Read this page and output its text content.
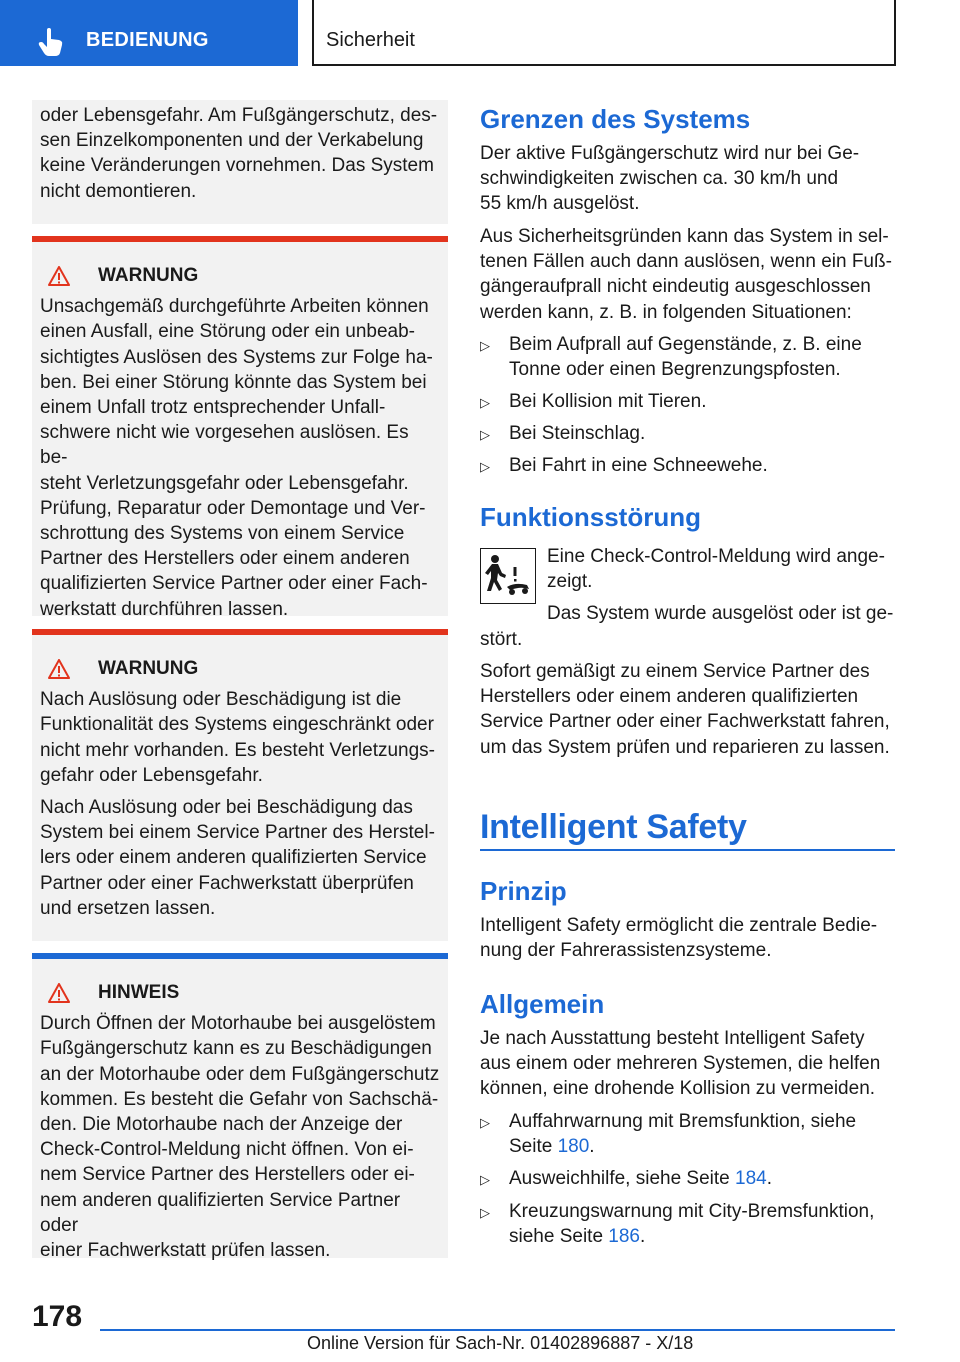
BEDIENUNG	Sicherheit

oder Lebensgefahr. Am Fußgängerschutz, des-

sen Einzelkomponenten und der Verkabelung

keine Veränderungen vornehmen. Das System

nicht demontieren.

WARNUNG

Unsachgemäß durchgeführte Arbeiten können

einen Ausfall, eine Störung oder ein unbeab-

sichtigtes Auslösen des Systems zur Folge ha-

ben. Bei einer Störung könnte das System bei

einem Unfall trotz entsprechender Unfall-

schwere nicht wie vorgesehen auslösen. Es be-

steht Verletzungsgefahr oder Lebensgefahr.

Prüfung, Reparatur oder Demontage und Ver-

schrottung des Systems von einem Service

Partner des Herstellers oder einem anderen

qualifizierten Service Partner oder einer Fach-

werkstatt durchführen lassen.

WARNUNG

Nach Auslösung oder Beschädigung ist die

Funktionalität des Systems eingeschränkt oder

nicht mehr vorhanden. Es besteht Verletzungs-

gefahr oder Lebensgefahr.

Nach Auslösung oder bei Beschädigung das

System bei einem Service Partner des Herstel-

lers oder einem anderen qualifizierten Service

Partner oder einer Fachwerkstatt überprüfen

und ersetzen lassen.

HINWEIS

Durch Öffnen der Motorhaube bei ausgelöstem

Fußgängerschutz kann es zu Beschädigungen

an der Motorhaube oder dem Fußgängerschutz

kommen. Es besteht die Gefahr von Sachschä-

den. Die Motorhaube nach der Anzeige der

Check-Control-Meldung nicht öffnen. Von ei-

nem Service Partner des Herstellers oder ei-

nem anderen qualifizierten Service Partner oder

einer Fachwerkstatt prüfen lassen.

Grenzen des Systems
Der aktive Fußgängerschutz wird nur bei Ge-
schwindigkeiten zwischen ca. 30 km/h und
55 km/h ausgelöst.
Aus Sicherheitsgründen kann das System in sel-
tenen Fällen auch dann auslösen, wenn ein Fuß-
gängeraufprall nicht eindeutig ausgeschlossen
werden kann, z. B. in folgenden Situationen:
▷	Beim Aufprall auf Gegenstände, z. B. eine
Tonne oder einen Begrenzungspfosten.
▷	Bei Kollision mit Tieren.
▷	Bei Steinschlag.
▷	Bei Fahrt in eine Schneewehe.
Funktionsstörung
Eine Check-Control-Meldung wird ange-
zeigt.
Das System wurde ausgelöst oder ist ge-
stört.
Sofort gemäßigt zu einem Service Partner des
Herstellers oder einem anderen qualifizierten
Service Partner oder einer Fachwerkstatt fahren,
um das System prüfen und reparieren zu lassen.
Intelligent Safety
Prinzip
Intelligent Safety ermöglicht die zentrale Bedie-
nung der Fahrerassistenzsysteme.
Allgemein
Je nach Ausstattung besteht Intelligent Safety
aus einem oder mehreren Systemen, die helfen
können, eine drohende Kollision zu vermeiden.
▷	Auffahrwarnung mit Bremsfunktion, siehe
Seite 180.
▷	Ausweichhilfe, siehe Seite 184.
▷	Kreuzungswarnung mit City-Bremsfunktion,
siehe Seite 186.
178
Online Version für Sach-Nr. 01402896887 - X/18
